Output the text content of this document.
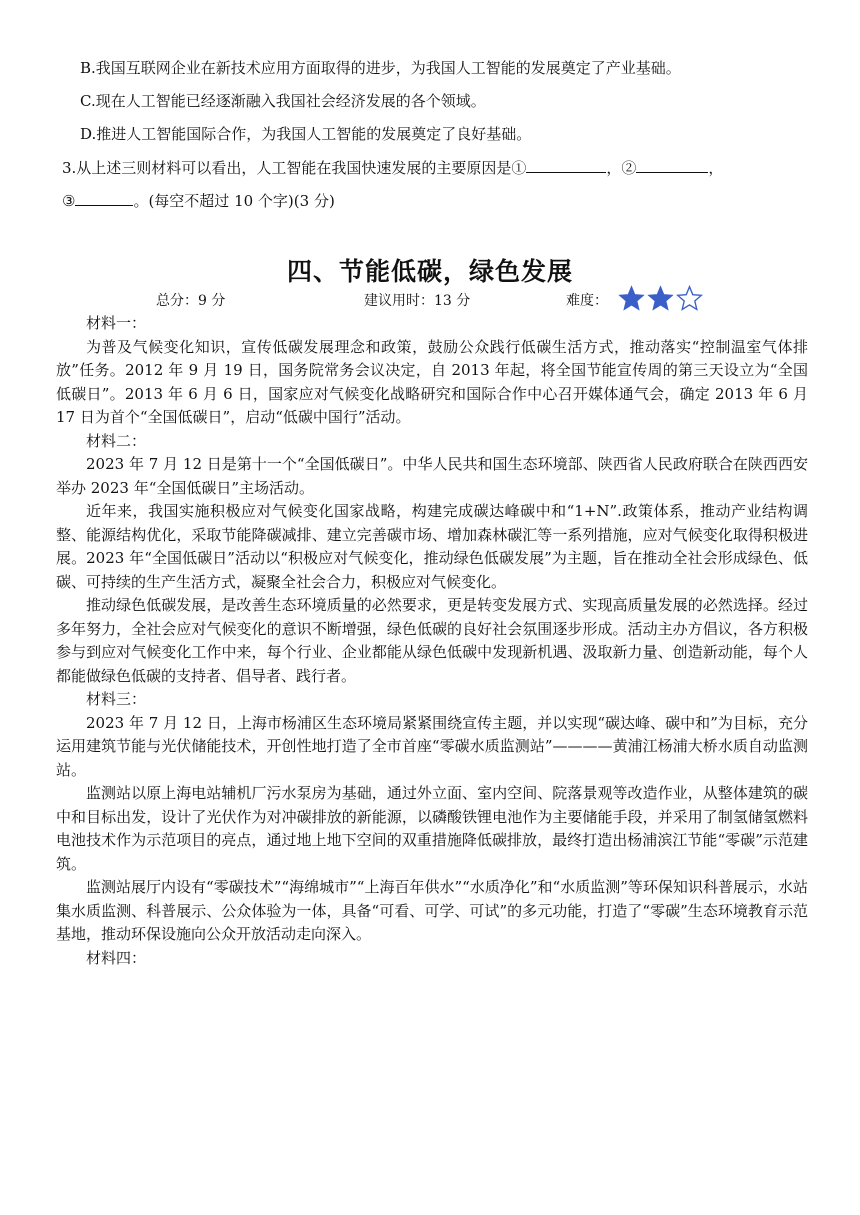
B.我国互联网企业在新技术应用方面取得的进步，为我国人工智能的发展奠定了产业基础。
C.现在人工智能已经逐渐融入我国社会经济发展的各个领域。
D.推进人工智能国际合作，为我国人工智能的发展奠定了良好基础。
3.从上述三则材料可以看出，人工智能在我国快速发展的主要原因是①	，②	，
③	。(每空不超过 10 个字)(3 分)
四、节能低碳，绿色发展
总分：9 分	建议用时：13 分	难度：

材料一：

为普及气候变化知识，宣传低碳发展理念和政策，鼓励公众践行低碳生活方式，推动落实“控制温室气体排放”任务。2012 年 9 月 19 日，国务院常务会议决定，自 2013 年起，将全国节能宣传周的第三天设立为“全国低碳日”。2013 年 6 月 6 日，国家应对气候变化战略研究和国际合作中心召开媒体通气会，确定 2013 年 6 月 17 日为首个“全国低碳日”，启动“低碳中国行”活动。

材料二：

2023 年 7 月 12 日是第十一个“全国低碳日”。中华人民共和国生态环境部、陕西省人民政府联合在陕西西安举办 2023 年“全国低碳日”主场活动。

近年来，我国实施积极应对气候变化国家战略，构建完成碳达峰碳中和“1+N”.政策体系，推动产业结构调整、能源结构优化，采取节能降碳减排、建立完善碳市场、增加森林碳汇等一系列措施，应对气候变化取得积极进展。2023 年“全国低碳日”活动以“积极应对气候变化，推动绿色低碳发展”为主题，旨在推动全社会形成绿色、低碳、可持续的生产生活方式，凝聚全社会合力，积极应对气候变化。

推动绿色低碳发展，是改善生态环境质量的必然要求，更是转变发展方式、实现高质量发展的必然选择。经过多年努力，全社会应对气候变化的意识不断增强，绿色低碳的良好社会氛围逐步形成。活动主办方倡议，各方积极参与到应对气候变化工作中来，每个行业、企业都能从绿色低碳中发现新机遇、汲取新力量、创造新动能，每个人都能做绿色低碳的支持者、倡导者、践行者。

材料三：

2023 年 7 月 12 日，上海市杨浦区生态环境局紧紧围绕宣传主题，并以实现“碳达峰、碳中和”为目标，充分运用建筑节能与光伏储能技术，开创性地打造了全市首座“零碳水质监测站”————黄浦江杨浦大桥水质自动监测站。

监测站以原上海电站辅机厂污水泵房为基础，通过外立面、室内空间、院落景观等改造作业，从整体建筑的碳中和目标出发，设计了光伏作为对冲碳排放的新能源，以磷酸铁锂电池作为主要储能手段，并采用了制氢储氢燃料电池技术作为示范项目的亮点，通过地上地下空间的双重措施降低碳排放，最终打造出杨浦滨江节能“零碳”示范建筑。

监测站展厅内设有“零碳技术”“海绵城市”“上海百年供水”“水质净化”和“水质监测”等环保知识科普展示，水站集水质监测、科普展示、公众体验为一体，具备“可看、可学、可试”的多元功能，打造了“零碳”生态环境教育示范基地，推动环保设施向公众开放活动走向深入。

材料四：
